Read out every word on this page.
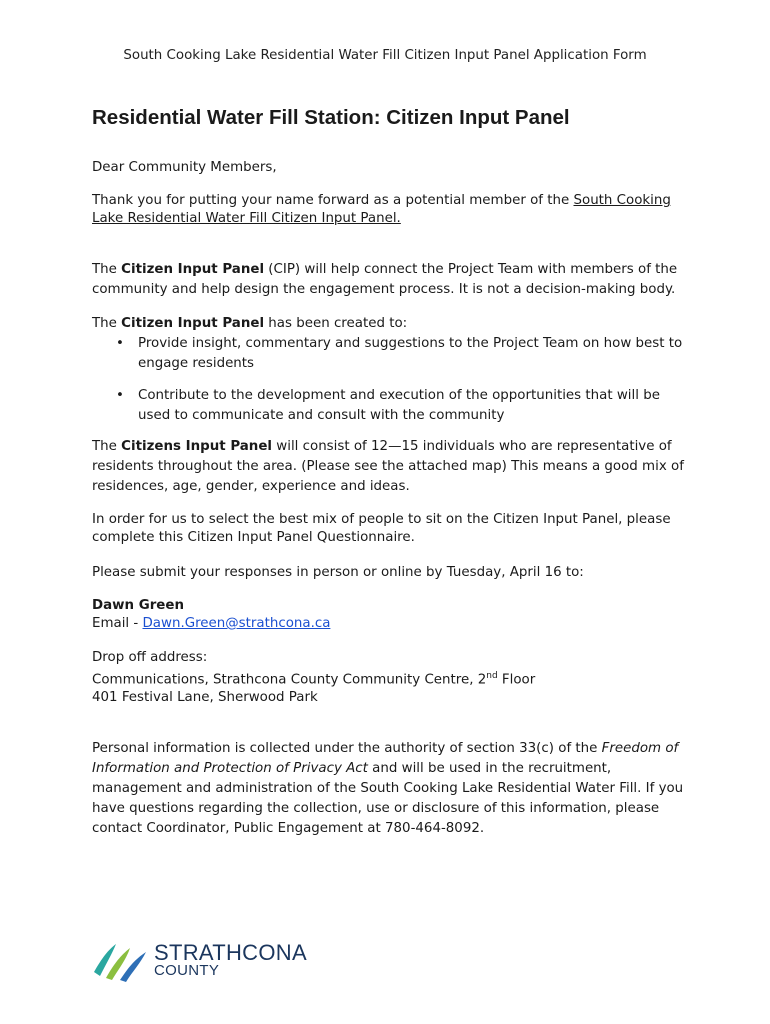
South Cooking Lake Residential Water Fill Citizen Input Panel Application Form
Residential Water Fill Station: Citizen Input Panel

Dear Community Members,

Thank you for putting your name forward as a potential member of the South Cooking Lake Residential Water Fill Citizen Input Panel.

The Citizen Input Panel (CIP) will help connect the Project Team with members of the community and help design the engagement process. It is not a decision-making body.

The Citizen Input Panel has been created to:

• Provide insight, commentary and suggestions to the Project Team on how best to engage residents
• Contribute to the development and execution of the opportunities that will be used to communicate and consult with the community

The Citizens Input Panel will consist of 12—15 individuals who are representative of residents throughout the area. (Please see the attached map) This means a good mix of residences, age, gender, experience and ideas.

In order for us to select the best mix of people to sit on the Citizen Input Panel, please complete this Citizen Input Panel Questionnaire.

Please submit your responses in person or online by Tuesday, April 16 to:

Dawn Green

Email - Dawn.Green@strathcona.ca

Drop off address:

Communications, Strathcona County Community Centre, 2nd Floor

401 Festival Lane, Sherwood Park

Personal information is collected under the authority of section 33(c) of the Freedom of Information and Protection of Privacy Act and will be used in the recruitment, management and administration of the South Cooking Lake Residential Water Fill. If you have questions regarding the collection, use or disclosure of this information, please contact Coordinator, Public Engagement at 780-464-8092.

STRATHCONA
COUNTY
